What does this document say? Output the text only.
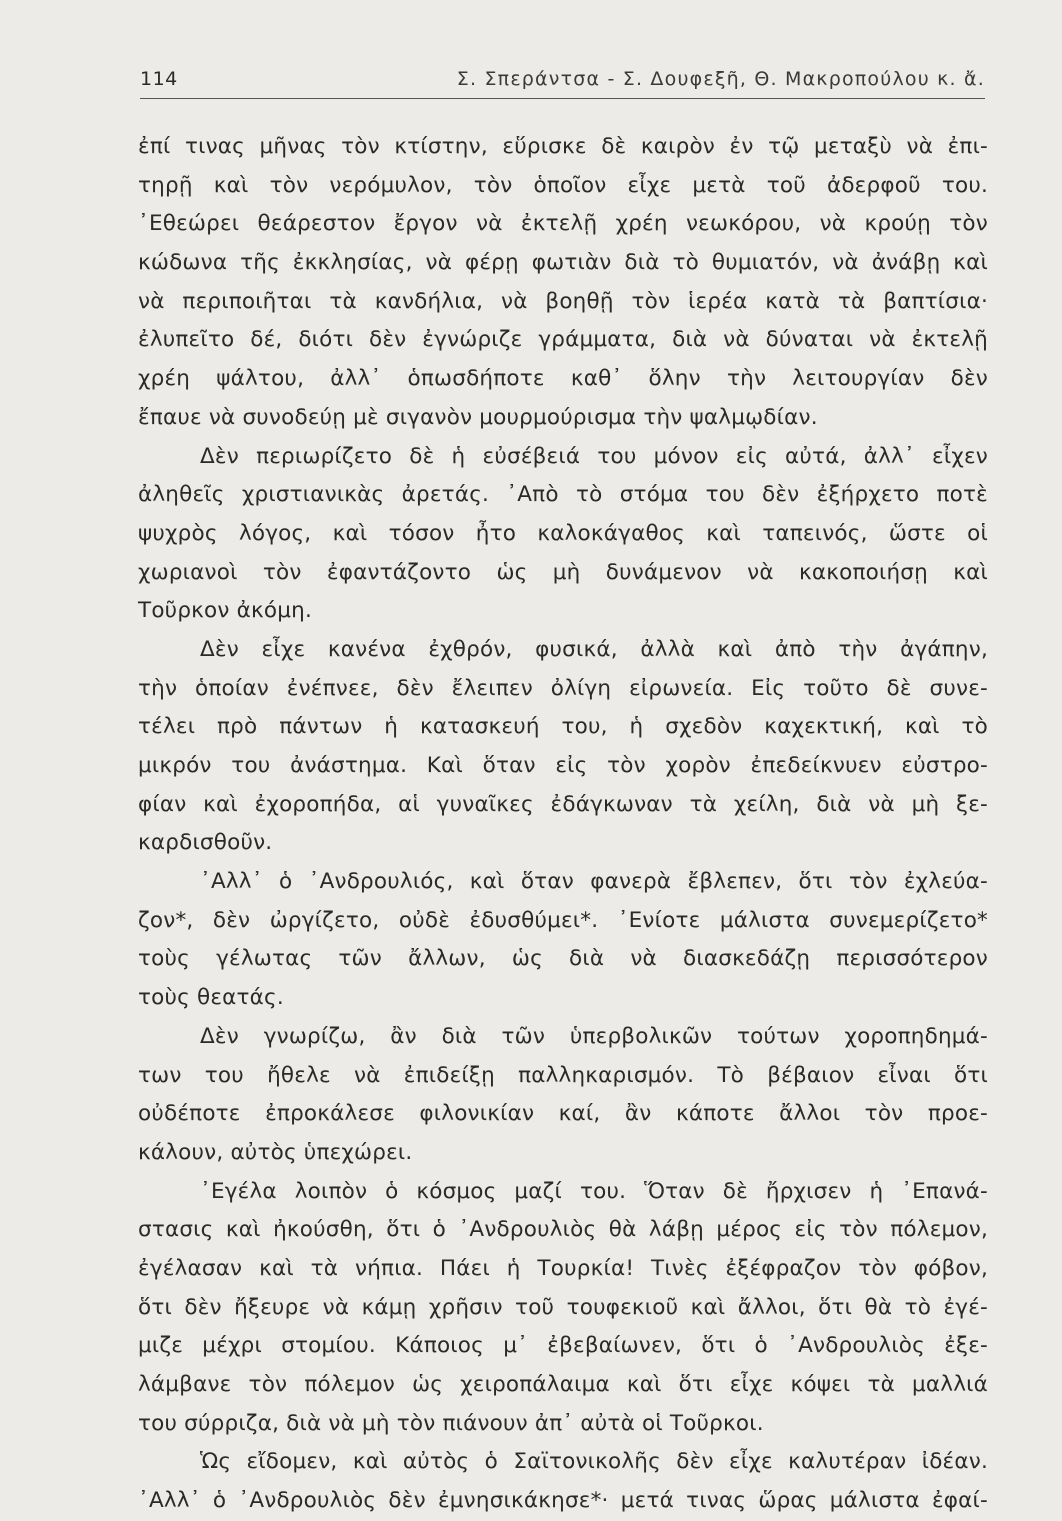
114	Σ. Σπεράντσα - Σ. Δουφεξῆ, Θ. Μακροπούλου κ. ἄ.
ἐπί τινας μῆνας τὸν κτίστην, εὕρισκε δὲ καιρὸν ἐν τῷ μεταξὺ νὰ ἐπι-
τηρῇ καὶ τὸν νερόμυλον, τὸν ὁποῖον εἶχε μετὰ τοῦ ἀδερφοῦ του.
᾿Εθεώρει θεάρεστον ἔργον νὰ ἐκτελῇ χρέη νεωκόρου, νὰ κρούῃ τὸν
κώδωνα τῆς ἐκκλησίας, νὰ φέρῃ φωτιὰν διὰ τὸ θυμιατόν, νὰ ἀνάβῃ καὶ
νὰ περιποιῆται τὰ κανδήλια, νὰ βοηθῇ τὸν ἱερέα κατὰ τὰ βαπτίσια·
ἐλυπεῖτο δέ, διότι δὲν ἐγνώριζε γράμματα, διὰ νὰ δύναται νὰ ἐκτελῇ
χρέη ψάλτου, ἀλλ᾿ ὁπωσδήποτε καθ᾿ ὅλην τὴν λειτουργίαν δὲν
ἔπαυε νὰ συνοδεύῃ μὲ σιγανὸν μουρμούρισμα τὴν ψαλμῳδίαν.
Δὲν περιωρίζετο δὲ ἡ εὐσέβειά του μόνον εἰς αὐτά, ἀλλ᾿ εἶχεν
ἀληθεῖς χριστιανικὰς ἀρετάς. ᾿Απὸ τὸ στόμα του δὲν ἐξήρχετο ποτὲ
ψυχρὸς λόγος, καὶ τόσον ἦτο καλοκάγαθος καὶ ταπεινός, ὥστε οἱ
χωριανοὶ τὸν ἐφαντάζοντο ὡς μὴ δυνάμενον νὰ κακοποιήσῃ καὶ
Τοῦρκον ἀκόμη.
Δὲν εἶχε κανένα ἐχθρόν, φυσικά, ἀλλὰ καὶ ἀπὸ τὴν ἀγάπην,
τὴν ὁποίαν ἐνέπνεε, δὲν ἔλειπεν ὀλίγη εἰρωνεία. Εἰς τοῦτο δὲ συνε-
τέλει πρὸ πάντων ἡ κατασκευή του, ἡ σχεδὸν καχεκτική, καὶ τὸ
μικρόν του ἀνάστημα. Καὶ ὅταν εἰς τὸν χορὸν ἐπεδείκνυεν εὐστρο-
φίαν καὶ ἐχοροπήδα, αἱ γυναῖκες ἐδάγκωναν τὰ χείλη, διὰ νὰ μὴ ξε-
καρδισθοῦν.
᾿Αλλ᾿ ὁ ᾿Ανδρουλιός, καὶ ὅταν φανερὰ ἔβλεπεν, ὅτι τὸν ἐχλεύα-
ζον*, δὲν ὠργίζετο, οὐδὲ ἐδυσθύμει*. ᾿Ενίοτε μάλιστα συνεμερίζετο*
τοὺς γέλωτας τῶν ἄλλων, ὡς διὰ νὰ διασκεδάζῃ περισσότερον
τοὺς θεατάς.
Δὲν γνωρίζω, ἂν διὰ τῶν ὑπερβολικῶν τούτων χοροπηδημά-
των του ἤθελε νὰ ἐπιδείξῃ παλληκαρισμόν. Τὸ βέβαιον εἶναι ὅτι
οὐδέποτε ἐπροκάλεσε φιλονικίαν καί, ἂν κάποτε ἄλλοι τὸν προε-
κάλουν, αὐτὸς ὑπεχώρει.
᾿Εγέλα λοιπὸν ὁ κόσμος μαζί του. Ὅταν δὲ ἤρχισεν ἡ ᾿Επανά-
στασις καὶ ἠκούσθη, ὅτι ὁ ᾿Ανδρουλιὸς θὰ λάβῃ μέρος εἰς τὸν πόλεμον,
ἐγέλασαν καὶ τὰ νήπια. Πάει ἡ Τουρκία! Τινὲς ἐξέφραζον τὸν φόβον,
ὅτι δὲν ἤξευρε νὰ κάμῃ χρῆσιν τοῦ τουφεκιοῦ καὶ ἄλλοι, ὅτι θὰ τὸ ἐγέ-
μιζε μέχρι στομίου. Κάποιος μ᾿ ἐβεβαίωνεν, ὅτι ὁ ᾿Ανδρουλιὸς ἐξε-
λάμβανε τὸν πόλεμον ὡς χειροπάλαιμα καὶ ὅτι εἶχε κόψει τὰ μαλλιά
του σύρριζα, διὰ νὰ μὴ τὸν πιάνουν ἀπ᾿ αὐτὰ οἱ Τοῦρκοι.
Ὡς εἴδομεν, καὶ αὐτὸς ὁ Σαϊτονικολῆς δὲν εἶχε καλυτέραν ἰδέαν.
᾿Αλλ᾿ ὁ ᾿Ανδρουλιὸς δὲν ἐμνησικάκησε*· μετά τινας ὥρας μάλιστα ἐφαί-
